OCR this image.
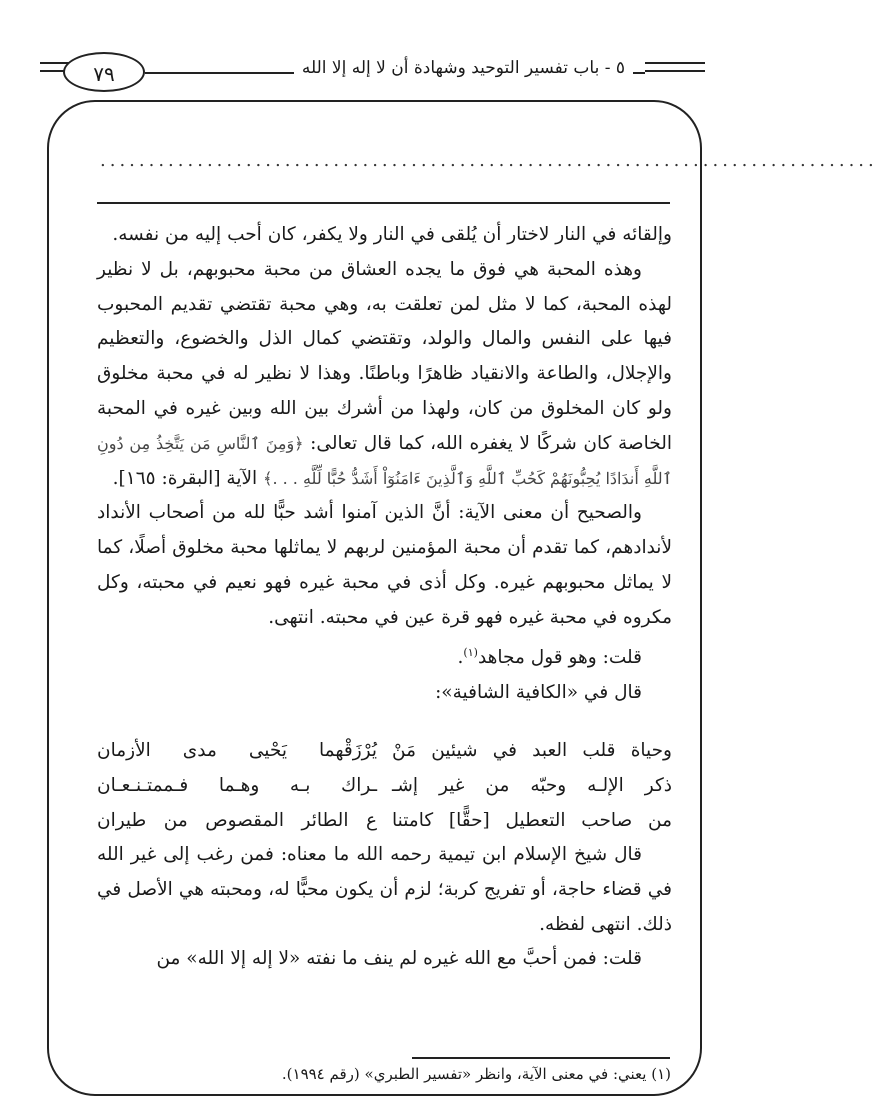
٧٩	٥ - باب تفسير التوحيد وشهادة أن لا إله إلا الله
................................................................................

وإلقائه في النار لاختار أن يُلقى في النار ولا يكفر، كان أحب إليه من نفسه.

وهذه المحبة هي فوق ما يجده العشاق من محبة محبوبهم، بل لا نظير لهذه المحبة، كما لا مثل لمن تعلقت به، وهي محبة تقتضي تقديم المحبوب فيها على النفس والمال والولد، وتقتضي كمال الذل والخضوع، والتعظيم والإجلال، والطاعة والانقياد ظاهرًا وباطنًا. وهذا لا نظير له في محبة مخلوق ولو كان المخلوق من كان، ولهذا من أشرك بين الله وبين غيره في المحبة الخاصة كان شركًا لا يغفره الله، كما قال تعالى: ﴿وَمِنَ ٱلنَّاسِ مَن يَتَّخِذُ مِن دُونِ ٱللَّهِ أَندَادًا يُحِبُّونَهُمْ كَحُبِّ ٱللَّهِ وَٱلَّذِينَ ءَامَنُوٓاْ أَشَدُّ حُبًّا لِّلَّهِ . . .﴾ الآية [البقرة: ١٦٥].

والصحيح أن معنى الآية: أنَّ الذين آمنوا أشد حبًّا لله من أصحاب الأنداد لأندادهم، كما تقدم أن محبة المؤمنين لربهم لا يماثلها محبة مخلوق أصلًا، كما لا يماثل محبوبهم غيره. وكل أذى في محبة غيره فهو نعيم في محبته، وكل مكروه في محبة غيره فهو قرة عين في محبته. انتهى.

قلت: وهو قول مجاهد$^{(١)}$.

قال في «الكافية الشافية»:

وحياة قلب العبد في شيئين مَنْ
يُرْزَقْهما يَحْيى مدى الأزمان
ذكر الإلـه وحبّه من غير إشـ
ـراك بـه وهـما فـممتـنـعـان
من صاحب التعطيل [حقًّا] كامتنا
ع الطائر المقصوص من طيران

قال شيخ الإسلام ابن تيمية رحمه الله ما معناه: فمن رغب إلى غير الله في قضاء حاجة، أو تفريج كربة؛ لزم أن يكون محبًّا له، ومحبته هي الأصل في ذلك. انتهى لفظه.

قلت: فمن أحبَّ مع الله غيره لم ينف ما نفته «لا إله إلا الله» من

(١) يعني: في معنى الآية، وانظر «تفسير الطبري» (رقم ١٩٩٤).
